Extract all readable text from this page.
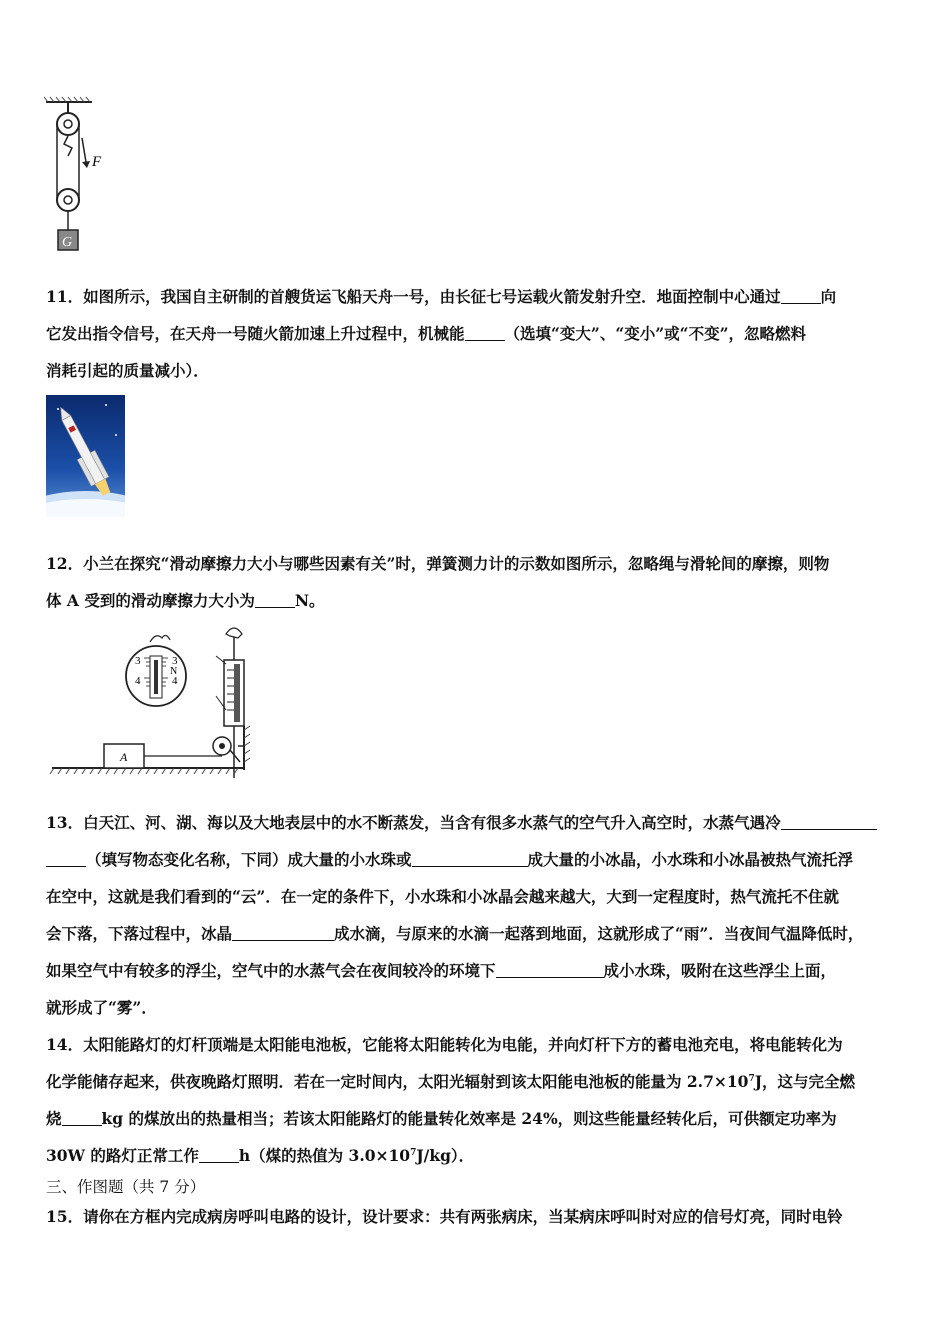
F
G

11．如图所示，我国自主研制的首艘货运飞船天舟一号，由长征七号运载火箭发射升空．地面控制中心通过	向
它发出指令信号，在天舟一号随火箭加速上升过程中，机械能	（选填“变大”、“变小”或“不变”，忽略燃料
消耗引起的质量减小）．

12．小兰在探究“滑动摩擦力大小与哪些因素有关”时，弹簧测力计的示数如图所示，忽略绳与滑轮间的摩擦，则物
体 A 受到的滑动摩擦力大小为	N。

3	3
4	4
N
A

13．白天江、河、湖、海以及大地表层中的水不断蒸发，当含有很多水蒸气的空气升入高空时，水蒸气遇冷
（填写物态变化名称，下同）成大量的小水珠或	成大量的小冰晶，小水珠和小冰晶被热气流托浮
在空中，这就是我们看到的“云”．在一定的条件下，小水珠和小冰晶会越来越大，大到一定程度时，热气流托不住就
会下落，下落过程中，冰晶	成水滴，与原来的水滴一起落到地面，这就形成了“雨”．当夜间气温降低时，
如果空气中有较多的浮尘，空气中的水蒸气会在夜间较冷的环境下	成小水珠，吸附在这些浮尘上面，
就形成了“雾”．

14．太阳能路灯的灯杆顶端是太阳能电池板，它能将太阳能转化为电能，并向灯杆下方的蓄电池充电，将电能转化为
化学能储存起来，供夜晚路灯照明．若在一定时间内，太阳光辐射到该太阳能电池板的能量为 $2.7\times 10^7J$，这与完全燃
烧	kg 的煤放出的热量相当；若该太阳能路灯的能量转化效率是 24%，则这些能量经转化后，可供额定功率为
30W 的路灯正常工作	h（煤的热值为 $3.0\times 10^7J/kg$）．

三、作图题（共 7 分）

15．请你在方框内完成病房呼叫电路的设计，设计要求：共有两张病床，当某病床呼叫时对应的信号灯亮，同时电铃
